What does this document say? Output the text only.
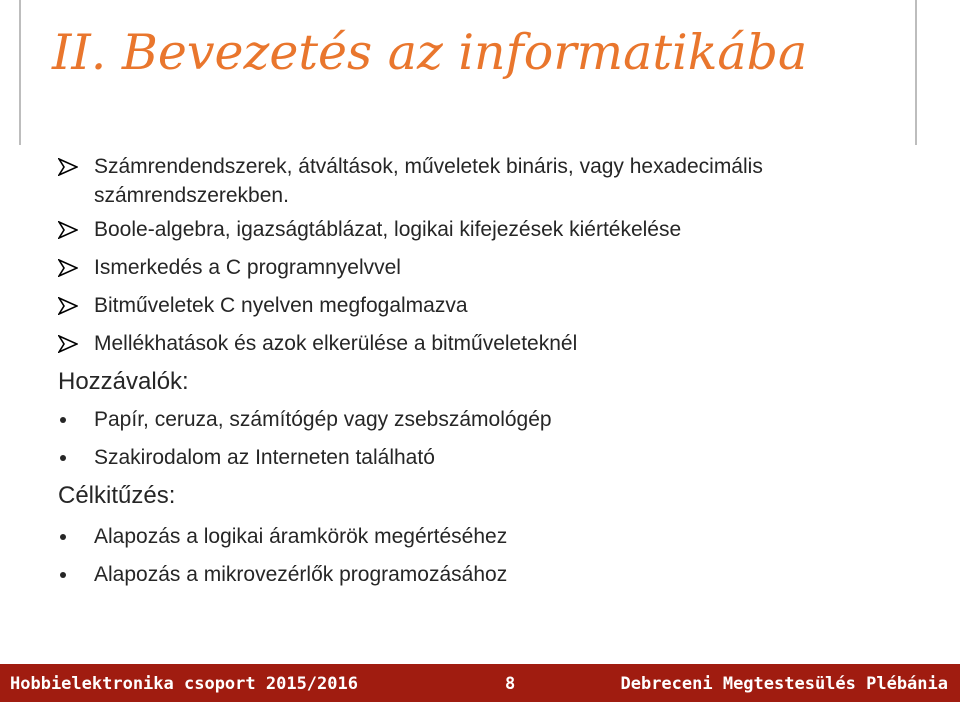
II. Bevezetés az informatikába
Számrendendszerek, átváltások, műveletek bináris, vagy hexadecimális számrendszerekben.
Boole-algebra, igazságtáblázat, logikai kifejezések kiértékelése
Ismerkedés a C programnyelvvel
Bitműveletek C nyelven megfogalmazva
Mellékhatások és azok elkerülése a bitműveleteknél
Hozzávalók:
Papír, ceruza, számítógép vagy zsebszámológép
Szakirodalom az Interneten található
Célkitűzés:
Alapozás a logikai áramkörök megértéséhez
Alapozás a mikrovezérlők programozásához
Hobbielektronika csoport 2015/2016	8	Debreceni Megtestesülés Plébánia
